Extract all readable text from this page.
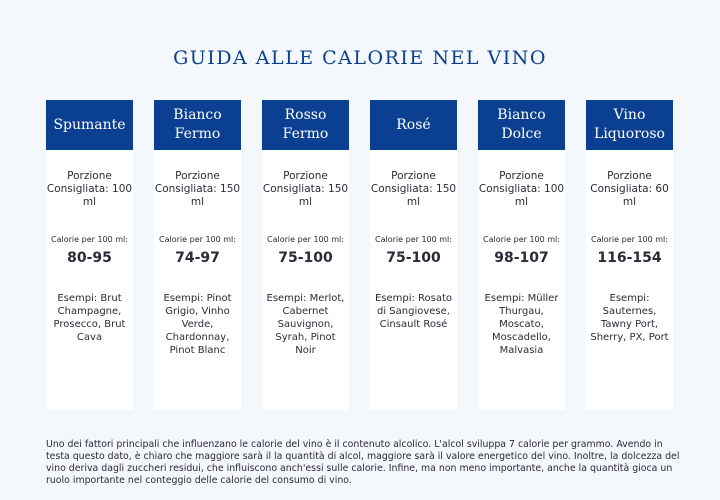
GUIDA ALLE CALORIE NEL VINO
Spumante
Porzione Consigliata: 100 ml
Calorie per 100 ml:
80-95
Esempi: Brut Champagne, Prosecco, Brut Cava
Bianco Fermo
Porzione Consigliata: 150 ml
Calorie per 100 ml:
74-97
Esempi: Pinot Grigio, Vinho Verde, Chardonnay, Pinot Blanc
Rosso Fermo
Porzione Consigliata: 150 ml
Calorie per 100 ml:
75-100
Esempi: Merlot, Cabernet Sauvignon, Syrah, Pinot Noir
Rosé
Porzione Consigliata: 150 ml
Calorie per 100 ml:
75-100
Esempi: Rosato di Sangiovese, Cinsault Rosé
Bianco Dolce
Porzione Consigliata: 100 ml
Calorie per 100 ml:
98-107
Esempi: Müller Thurgau, Moscato, Moscadello, Malvasia
Vino Liquoroso
Porzione Consigliata: 60 ml
Calorie per 100 ml:
116-154
Esempi: Sauternes, Tawny Port, Sherry, PX, Port

Uno dei fattori principali che influenzano le calorie del vino è il contenuto alcolico. L'alcol sviluppa 7 calorie per grammo. Avendo in testa questo dato, è chiaro che maggiore sarà il la quantità di alcol, maggiore sarà il valore energetico del vino. Inoltre, la dolcezza del vino deriva dagli zuccheri residui, che influiscono anch'essi sulle calorie. Infine, ma non meno importante, anche la quantità gioca un ruolo importante nel conteggio delle calorie del consumo di vino.
